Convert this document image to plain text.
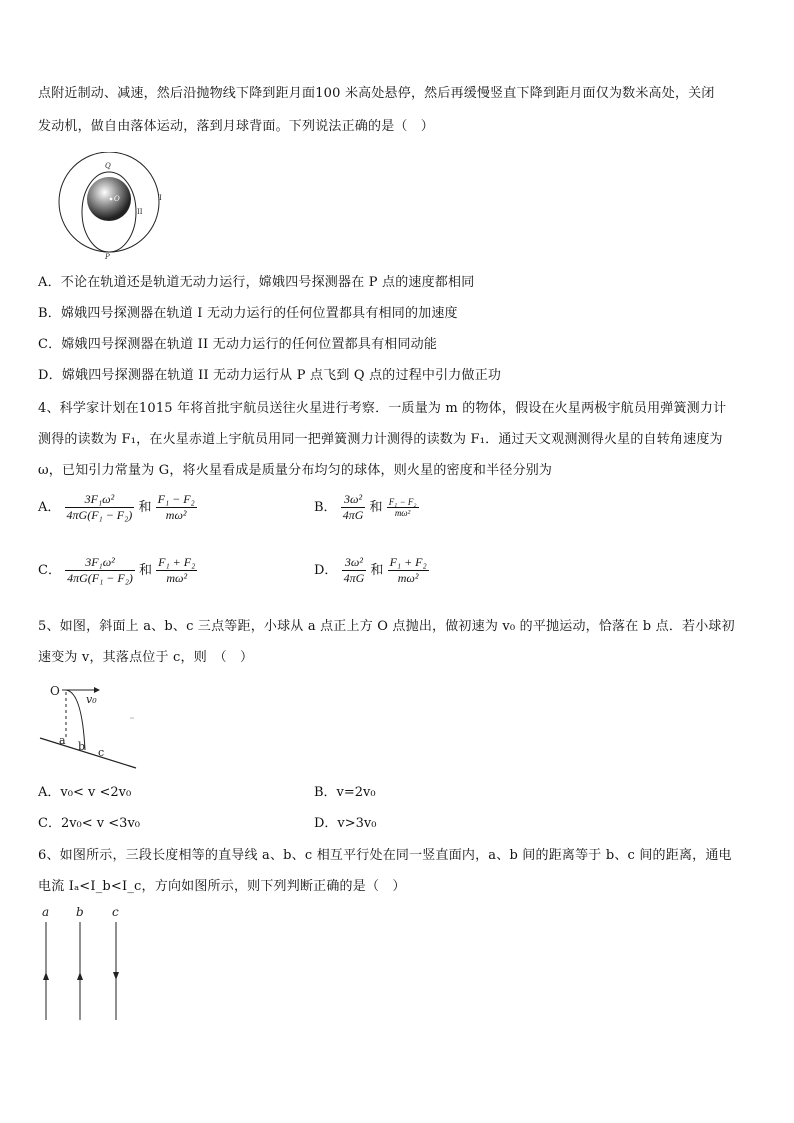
点附近制动、减速，然后沿抛物线下降到距月面100 米高处悬停，然后再缓慢竖直下降到距月面仅为数米高处，关闭
发动机，做自由落体运动，落到月球背面。下列说法正确的是（　）
Q
O
II
I
P
A．不论在轨道还是轨道无动力运行，嫦娥四号探测器在 P 点的速度都相同
B．嫦娥四号探测器在轨道 I 无动力运行的任何位置都具有相同的加速度
C．嫦娥四号探测器在轨道 II 无动力运行的任何位置都具有相同动能
D．嫦娥四号探测器在轨道 II 无动力运行从 P 点飞到 Q 点的过程中引力做正功
4、科学家计划在1015 年将首批宇航员送往火星进行考察．一质量为 m 的物体，假设在火星两极宇航员用弹簧测力计
测得的读数为 F₁，在火星赤道上宇航员用同一把弹簧测力计测得的读数为 F₁．通过天文观测测得火星的自转角速度为
ω，已知引力常量为 G，将火星看成是质量分布均匀的球体，则火星的密度和半径分别为
A． $\frac{\text{3F₁ω²}}{\text{4πG(F₁ − F₂)}}$ 和 $\frac{\text{F₁ − F₂}}{\text{mω²}}$	B． $\frac{\text{3ω²}}{4\pi G}$ 和 $\frac{\text{F₁ − F₂}}{\text{mω²}}$
C． $\frac{\text{3F₁ω²}}{\text{4πG(F₁ − F₂)}}$ 和 $\frac{\text{F₁ + F₂}}{\text{mω²}}$	D． $\frac{\text{3ω²}}{4\pi G}$ 和 $\frac{\text{F₁ + F₂}}{\text{mω²}}$
5、如图，斜面上 a、b、c 三点等距，小球从 a 点正上方 O 点抛出，做初速为 v₀ 的平抛运动，恰落在 b 点．若小球初
速变为 v，其落点位于 c，则　（　）
O
v₀
a b c
A．v₀< v <2v₀	B．v=2v₀
C．2v₀< v <3v₀	D．v>3v₀
6、如图所示，三段长度相等的直导线 a、b、c 相互平行处在同一竖直面内，a、b 间的距离等于 b、c 间的距离，通电
电流 Iₐ<I_b<I_c，方向如图所示，则下列判断正确的是（　）
a b c
